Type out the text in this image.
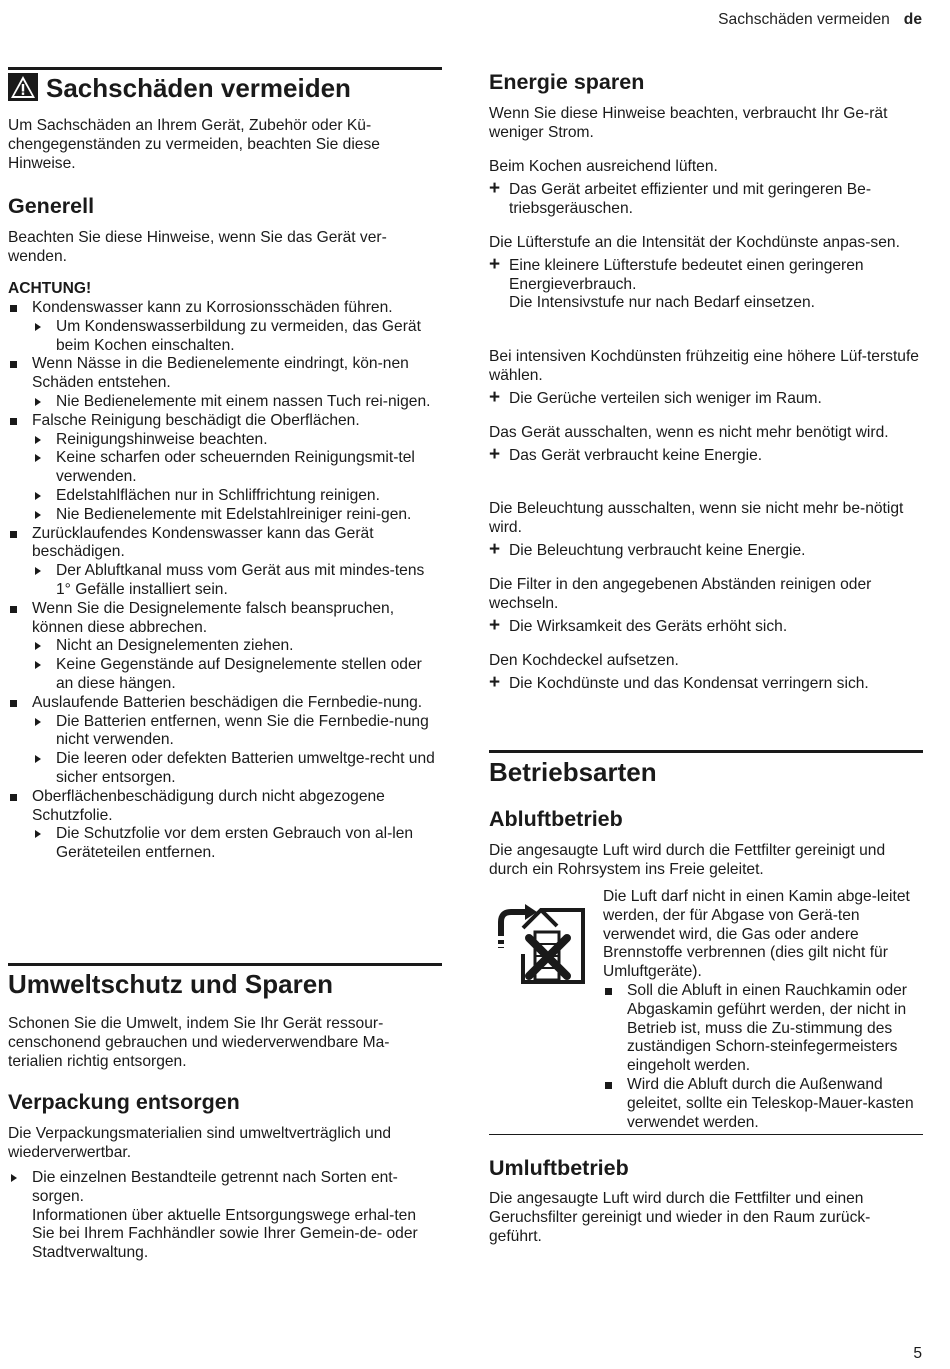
Sachschäden vermeiden de
Sachschäden vermeiden

Um Sachschäden an Ihrem Gerät, Zubehör oder Kü-chengegenständen zu vermeiden, beachten Sie diese Hinweise.

Generell

Beachten Sie diese Hinweise, wenn Sie das Gerät ver-wenden.

ACHTUNG!

Kondenswasser kann zu Korrosionsschäden führen.
Um Kondenswasserbildung zu vermeiden, das Gerät beim Kochen einschalten.
Wenn Nässe in die Bedienelemente eindringt, kön-nen Schäden entstehen.
Nie Bedienelemente mit einem nassen Tuch rei-nigen.
Falsche Reinigung beschädigt die Oberflächen.
Reinigungshinweise beachten.
Keine scharfen oder scheuernden Reinigungsmit-tel verwenden.
Edelstahlflächen nur in Schliffrichtung reinigen.
Nie Bedienelemente mit Edelstahlreiniger reini-gen.
Zurücklaufendes Kondenswasser kann das Gerät beschädigen.
Der Abluftkanal muss vom Gerät aus mit mindes-tens 1° Gefälle installiert sein.
Wenn Sie die Designelemente falsch beanspruchen, können diese abbrechen.
Nicht an Designelementen ziehen.
Keine Gegenstände auf Designelemente stellen oder an diese hängen.
Auslaufende Batterien beschädigen die Fernbedie-nung.
Die Batterien entfernen, wenn Sie die Fernbedie-nung nicht verwenden.
Die leeren oder defekten Batterien umweltge-recht und sicher entsorgen.
Oberflächenbeschädigung durch nicht abgezogene Schutzfolie.
Die Schutzfolie vor dem ersten Gebrauch von al-len Geräteteilen entfernen.
Umweltschutz und Sparen

Schonen Sie die Umwelt, indem Sie Ihr Gerät ressour-censchonend gebrauchen und wiederverwendbare Ma-terialien richtig entsorgen.

Verpackung entsorgen

Die Verpackungsmaterialien sind umweltverträglich und wiederverwertbar.

Die einzelnen Bestandteile getrennt nach Sorten ent-sorgen.
Informationen über aktuelle Entsorgungswege erhal-ten Sie bei Ihrem Fachhändler sowie Ihrer Gemein-de- oder Stadtverwaltung.
Energie sparen

Wenn Sie diese Hinweise beachten, verbraucht Ihr Ge-rät weniger Strom.

Beim Kochen ausreichend lüften.

+ Das Gerät arbeitet effizienter und mit geringeren Be-triebsgeräuschen.

Die Lüfterstufe an die Intensität der Kochdünste anpas-sen.

+ Eine kleinere Lüfterstufe bedeutet einen geringeren Energieverbrauch.
Die Intensivstufe nur nach Bedarf einsetzen.

Bei intensiven Kochdünsten frühzeitig eine höhere Lüf-terstufe wählen.

+ Die Gerüche verteilen sich weniger im Raum.

Das Gerät ausschalten, wenn es nicht mehr benötigt wird.

+ Das Gerät verbraucht keine Energie.

Die Beleuchtung ausschalten, wenn sie nicht mehr be-nötigt wird.

+ Die Beleuchtung verbraucht keine Energie.

Die Filter in den angegebenen Abständen reinigen oder wechseln.

+ Die Wirksamkeit des Geräts erhöht sich.

Den Kochdeckel aufsetzen.

+ Die Kochdünste und das Kondensat verringern sich.
Betriebsarten
Abluftbetrieb

Die angesaugte Luft wird durch die Fettfilter gereinigt und durch ein Rohrsystem ins Freie geleitet.

Die Luft darf nicht in einen Kamin abge-leitet werden, der für Abgase von Gerä-ten verwendet wird, die Gas oder andere Brennstoffe verbrennen (dies gilt nicht für Umluftgeräte).

Soll die Abluft in einen Rauchkamin oder Abgaskamin geführt werden, der nicht in Betrieb ist, muss die Zu-stimmung des zuständigen Schorn-steinfegermeisters eingeholt werden.
Wird die Abluft durch die Außenwand geleitet, sollte ein Teleskop-Mauer-kasten verwendet werden.
Umluftbetrieb

Die angesaugte Luft wird durch die Fettfilter und einen Geruchsfilter gereinigt und wieder in den Raum zurück-geführt.

5
